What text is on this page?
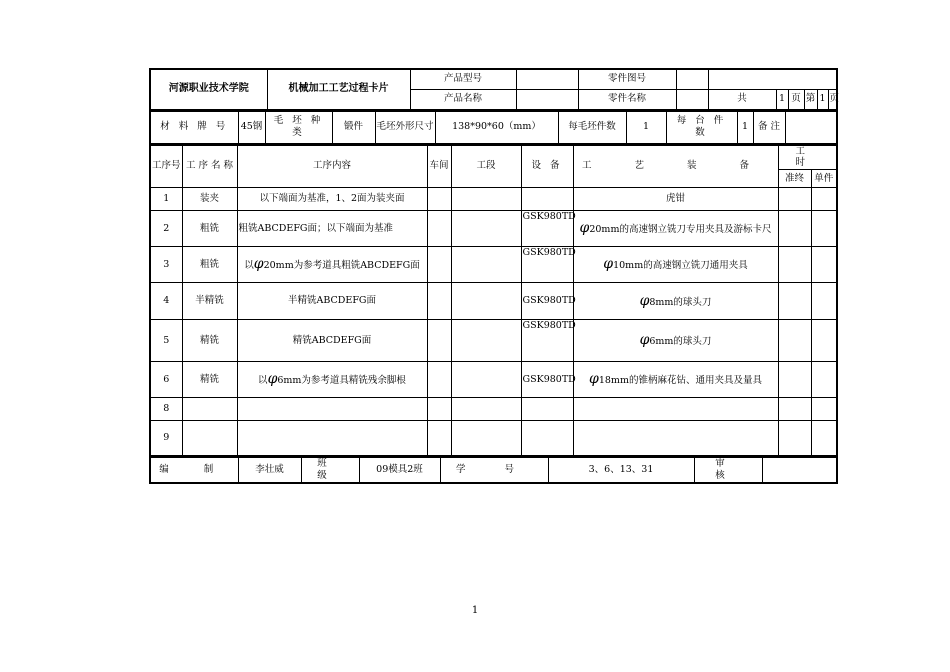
河源职业技术学院	机械加工工艺过程卡片	产品型号		零件图号							
		产品名称		零件名称		共	1	页	第	1	页
材 料 牌 号	45钢	毛 坯 种 类	锻件	毛坯外形尺寸	138*90*60（mm）	每毛坯件数	1	每 台 件 数	1	备 注	
工序号	工 序 名 称	工序内容	车间	工段	设 备	工 艺 装 备	工 时	
							准终	单件
1	装夹	以下端面为基准，1、2面为装夹面				虎钳		
2	粗铣	粗铣ABCDEFG面；以下端面为基准			GSK980TD	φ20mm的高速钢立铣刀专用夹具及游标卡尺		
3	粗铣	以φ20mm为参考道具粗铣ABCDEFG面			GSK980TD	φ10mm的高速钢立铣刀通用夹具		
4	半精铣	半精铣ABCDEFG面			GSK980TD	φ8mm的球头刀		
5	精铣	精铣ABCDEFG面			GSK980TD	φ6mm的球头刀		
6	精铣	以φ6mm为参考道具精铣残余脚根			GSK980TD	φ18mm的锥柄麻花钻、通用夹具及量具		
8								
9								
编 制	李壮威	班 级	09模具2班	学 号	3、6、13、31	审 核	
1
